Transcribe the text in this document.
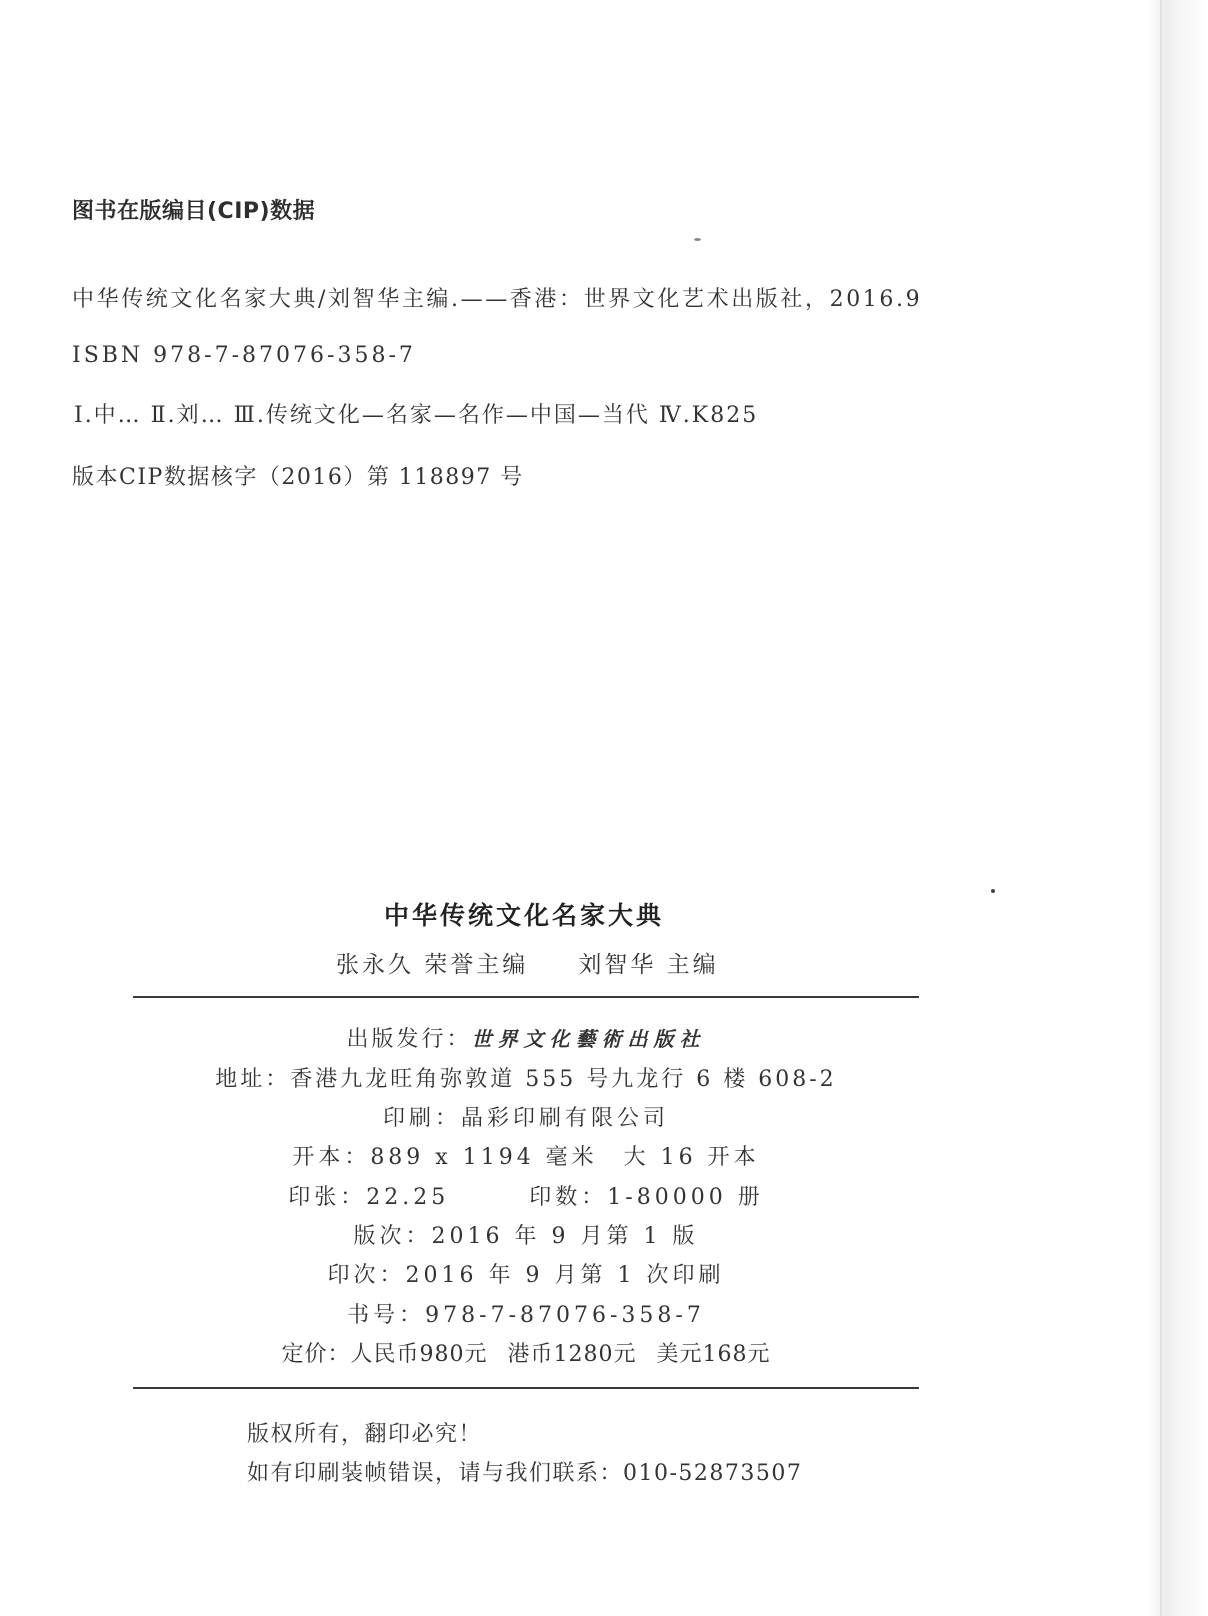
图书在版编目(CIP)数据
中华传统文化名家大典/刘智华主编.——香港：世界文化艺术出版社，2016.9
ISBN 978-7-87076-358-7
Ⅰ.中… Ⅱ.刘… Ⅲ.传统文化—名家—名作—中国—当代 Ⅳ.K825
版本CIP数据核字（2016）第 118897 号
中华传统文化名家大典
张永久 荣誉主编 刘智华 主编
出版发行：世界文化藝術出版社
地址：香港九龙旺角弥敦道 555 号九龙行 6 楼 608-2
印刷：晶彩印刷有限公司
开本：889 x 1194 毫米　大 16 开本
印张：22.25	印数：1-80000 册
版次：2016 年 9 月第 1 版
印次：2016 年 9 月第 1 次印刷
书号：978-7-87076-358-7
定价：人民币980元 港币1280元 美元168元
版权所有，翻印必究！
如有印刷装帧错误，请与我们联系：010-52873507
